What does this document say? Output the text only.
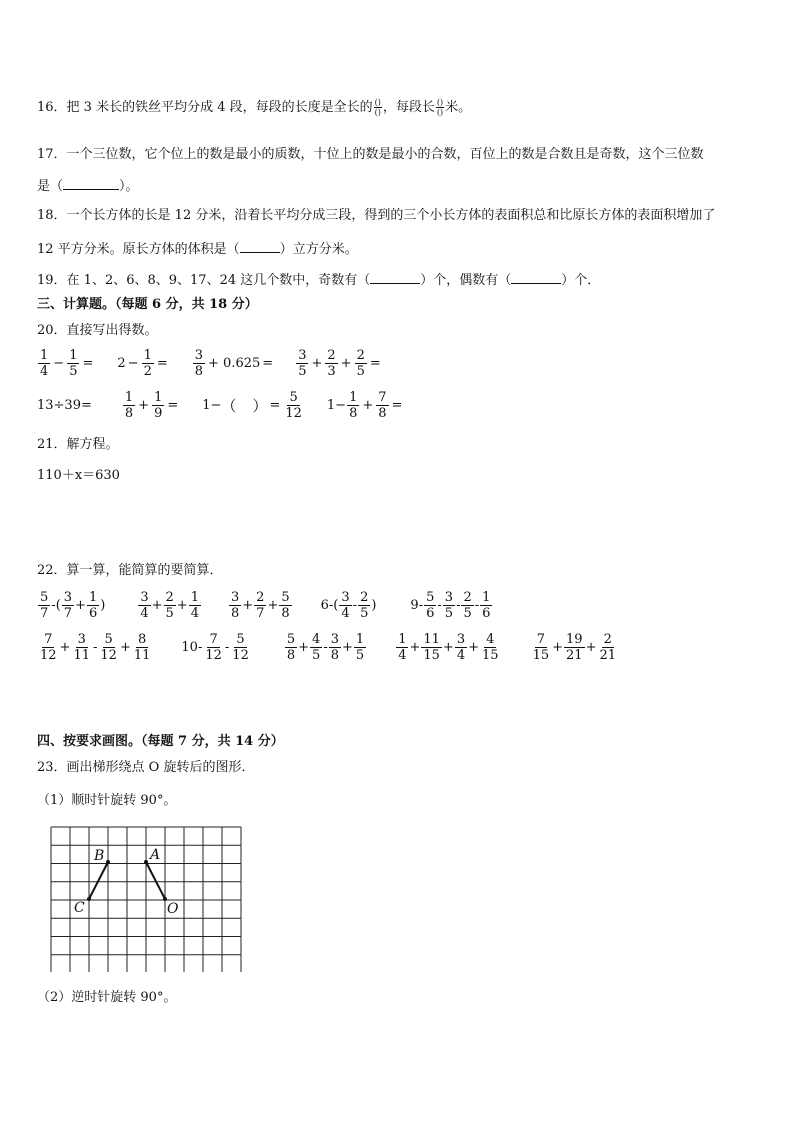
16．把 3 米长的铁丝平均分成 4 段，每段的长度是全长的 $\frac{()}{()}$ ，每段长 $\frac{()}{()}$ 米。
17．一个三位数，它个位上的数是最小的质数，十位上的数是最小的合数，百位上的数是合数且是奇数，这个三位数
是（	）。
18．一个长方体的长是 12 分米，沿着长平均分成三段，得到的三个小长方体的表面积总和比原长方体的表面积增加了
12 平方分米。原长方体的体积是（	）立方分米。
19．在 1、2、6、8、9、17、24 这几个数中，奇数有（	）个，偶数有（	）个．
三、计算题。（每题 6 分，共 18 分）
20．直接写出得数。
$\frac{1}{4} - \frac{1}{5} = 2 - \frac{1}{2} = \frac{3}{8} + 0.625 = \frac{3}{5} + \frac{2}{3} + \frac{2}{5}$ =
$13\div 39= \frac{1}{8} + \frac{1}{9} = 1-$ （ ） = $\frac{5}{12} 1- \frac{1}{8} + \frac{7}{8}$ =
21．解方程。
110＋x＝630
22．算一算，能简算的要简算．
$\frac{5}{7}$ - ( $\frac{3}{7} + \frac{1}{6}$ )	$\frac{3}{4} + \frac{2}{5} + \frac{1}{4} \frac{3}{8} + \frac{2}{7} + \frac{5}{8} 6-$ ( $\frac{3}{4} - \frac{2}{5}$ )	$9- \frac{5}{6} - \frac{3}{5} - \frac{2}{5} - \frac{1}{6}$
$\frac{7}{12} + \frac{3}{11} - \frac{5}{12} + \frac{8}{11} 10- \frac{7}{12} - \frac{5}{12}$	$\frac{5}{8} + \frac{4}{5} - \frac{3}{8} + \frac{1}{5} \frac{1}{4} + \frac{11}{15} + \frac{3}{4} + \frac{4}{15} \frac{7}{15} + \frac{19}{21} + \frac{2}{21}$
四、按要求画图。（每题 7 分，共 14 分）
23．画出梯形绕点 O 旋转后的图形．
（1）顺时针旋转 90°。
B	A
C	O
（2）逆时针旋转 90°。
